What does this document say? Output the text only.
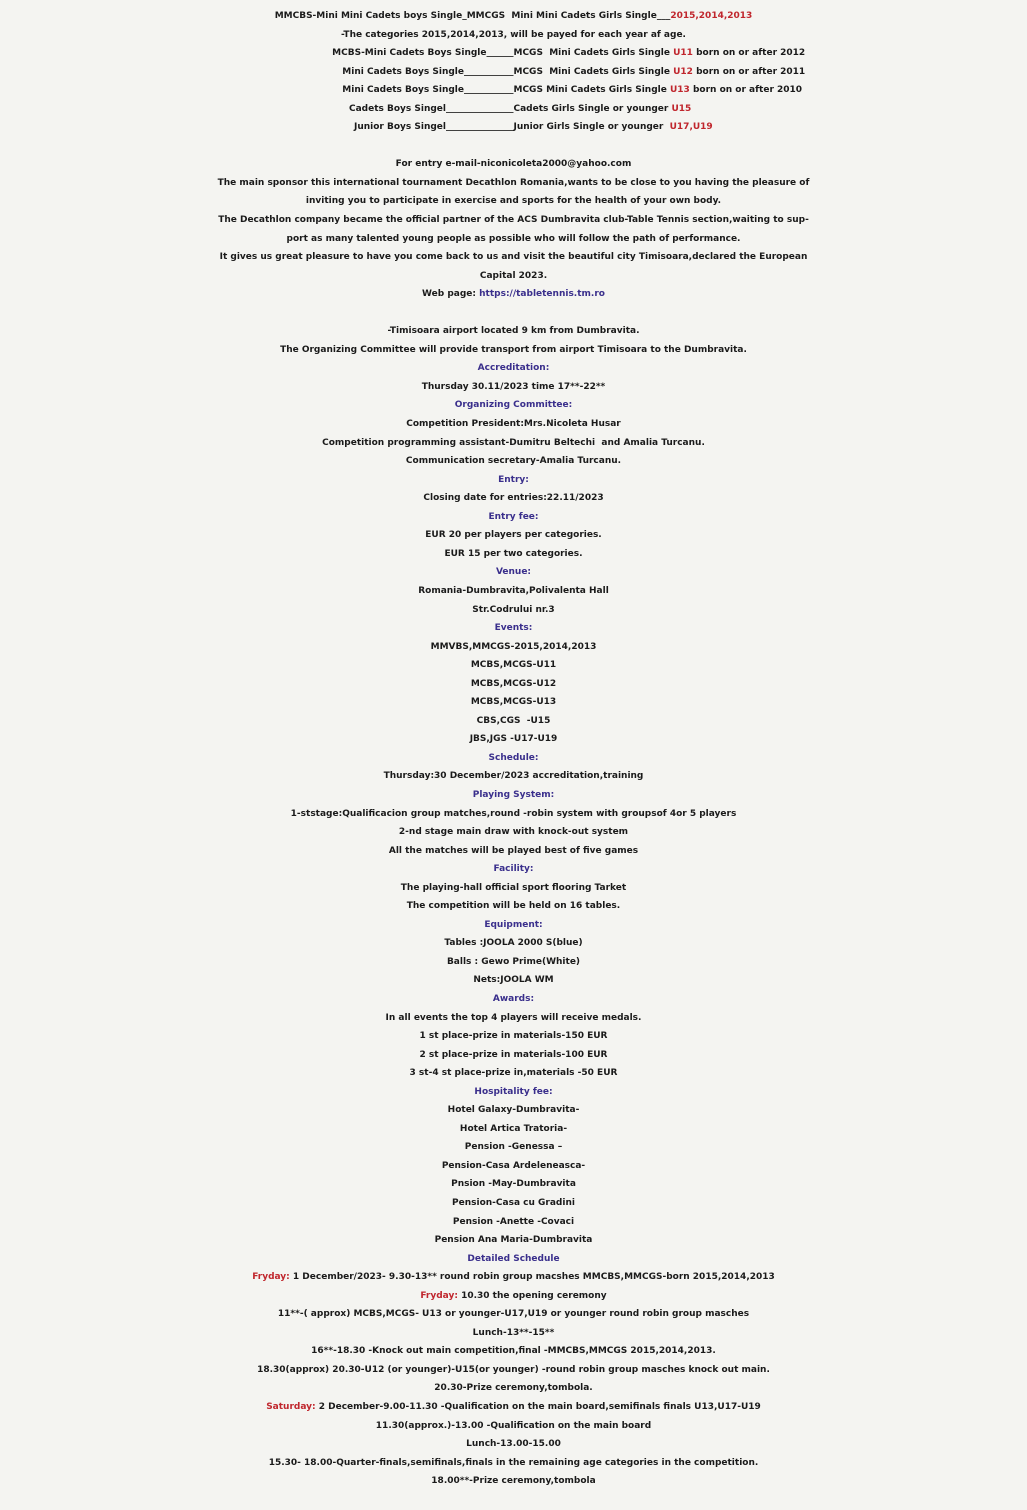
MMCBS-Mini Mini Cadets boys Single_MMCGS  Mini Mini Cadets Girls Single___2015,2014,2013
-The categories 2015,2014,2013, will be payed for each year af age.
MCBS-Mini Cadets Boys Single______ MCGS  Mini Cadets Girls Single U11 born on or after 2012
Mini Cadets Boys Single___________ MCGS  Mini Cadets Girls Single U12 born on or after 2011
Mini Cadets Boys Single___________ MCGS Mini Cadets Girls Single U13 born on or after 2010
Cadets Boys Singel_______________ Cadets Girls Single or younger U15
Junior Boys Singel_______________ Junior Girls Single or younger  U17,U19
For entry e-mail-niconicoleta2000@yahoo.com
The main sponsor this international tournament Decathlon Romania,wants to be close to you having the pleasure of
inviting you to participate in exercise and sports for the health of your own body.
The Decathlon company became the official partner of the ACS Dumbravita club-Table Tennis section,waiting to sup-
port as many talented young people as possible who will follow the path of performance.
It gives us great pleasure to have you come back to us and visit the beautiful city Timisoara,declared the European
Capital 2023.
Web page: https://tabletennis.tm.ro
-Timisoara airport located 9 km from Dumbravita.
The Organizing Committee will provide transport from airport Timisoara to the Dumbravita.
Accreditation:
Thursday 30.11/2023 time 17**-22**
Organizing Committee:
Competition President:Mrs.Nicoleta Husar
Competition programming assistant-Dumitru Beltechi  and Amalia Turcanu.
Communication secretary-Amalia Turcanu.
Entry:
Closing date for entries:22.11/2023
Entry fee:
EUR 20 per players per categories.
EUR 15 per two categories.
Venue:
Romania-Dumbravita,Polivalenta Hall
Str.Codrului nr.3
Events:
MMVBS,MMCGS-2015,2014,2013
MCBS,MCGS-U11
MCBS,MCGS-U12
MCBS,MCGS-U13
CBS,CGS  -U15
JBS,JGS -U17-U19
Schedule:
Thursday:30 December/2023 accreditation,training
Playing System:
1-ststage:Qualificacion group matches,round -robin system with groupsof 4or 5 players
2-nd stage main draw with knock-out system
All the matches will be played best of five games
Facility:
The playing-hall official sport flooring Tarket
The competition will be held on 16 tables.
Equipment:
Tables :JOOLA 2000 S(blue)
Balls : Gewo Prime(White)
Nets:JOOLA WM
Awards:
In all events the top 4 players will receive medals.
1 st place-prize in materials-150 EUR
2 st place-prize in materials-100 EUR
3 st-4 st place-prize in,materials -50 EUR
Hospitality fee:
Hotel Galaxy-Dumbravita-
Hotel Artica Tratoria-
Pension -Genessa –
Pension-Casa Ardeleneasca-
Pnsion -May-Dumbravita
Pension-Casa cu Gradini
Pension -Anette -Covaci
Pension Ana Maria-Dumbravita
Detailed Schedule
Fryday: 1 December/2023- 9.30-13** round robin group macshes MMCBS,MMCGS-born 2015,2014,2013
Fryday: 10.30 the opening ceremony
11**-( approx) MCBS,MCGS- U13 or younger-U17,U19 or younger round robin group masches
Lunch-13**-15**
16**-18.30 -Knock out main competition,final -MMCBS,MMCGS 2015,2014,2013.
18.30(approx) 20.30-U12 (or younger)-U15(or younger) -round robin group masches knock out main.
20.30-Prize ceremony,tombola.
Saturday: 2 December-9.00-11.30 -Qualification on the main board,semifinals finals U13,U17-U19
11.30(approx.)-13.00 -Qualification on the main board
Lunch-13.00-15.00
15.30- 18.00-Quarter-finals,semifinals,finals in the remaining age categories in the competition.
18.00**-Prize ceremony,tombola
